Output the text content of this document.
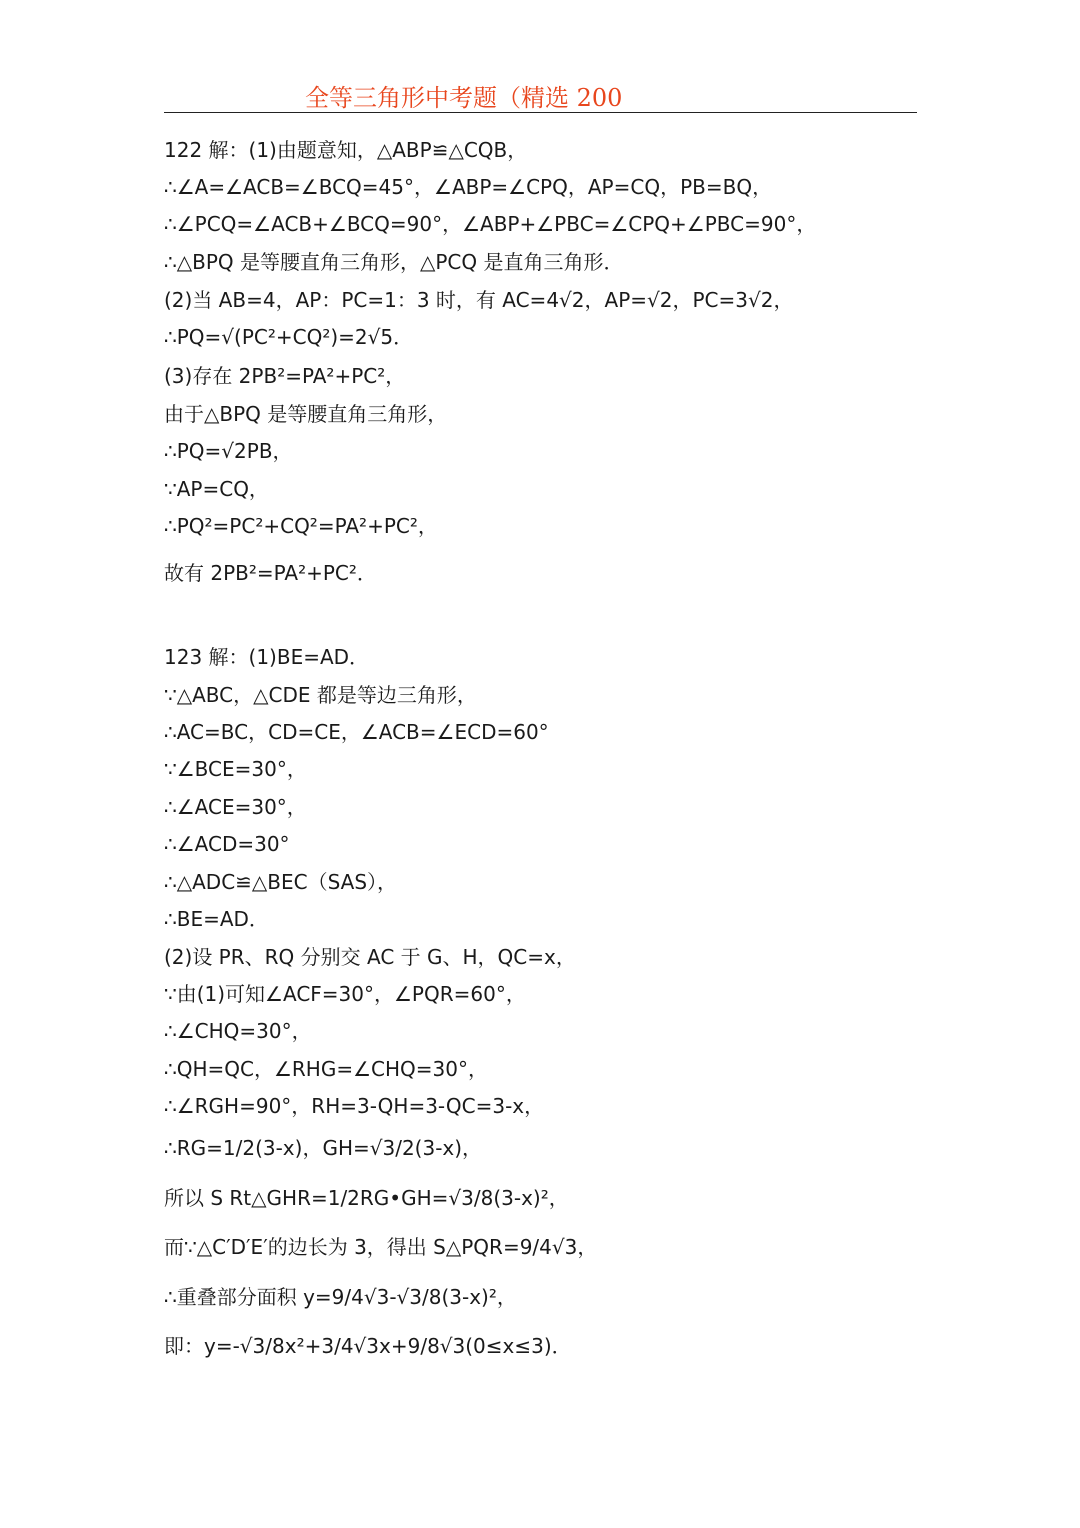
全等三角形中考题（精选 200
122 解：(1)由题意知，△ABP≌△CQB，
∴∠A=∠ACB=∠BCQ=45°，∠ABP=∠CPQ，AP=CQ，PB=BQ，
∴∠PCQ=∠ACB+∠BCQ=90°，∠ABP+∠PBC=∠CPQ+∠PBC=90°，
∴△BPQ 是等腰直角三角形，△PCQ 是直角三角形．
(2)当 AB=4，AP：PC=1：3 时，有 AC=4√2，AP=√2，PC=3√2，
∴PQ=√(PC²+CQ²)=2√5．
(3)存在 2PB²=PA²+PC²，
由于△BPQ 是等腰直角三角形，
∴PQ=√2PB，
∵AP=CQ，
∴PQ²=PC²+CQ²=PA²+PC²，
故有 2PB²=PA²+PC²．
123 解：(1)BE=AD．
∵△ABC，△CDE 都是等边三角形，
∴AC=BC，CD=CE，∠ACB=∠ECD=60°
∵∠BCE=30°，
∴∠ACE=30°，
∴∠ACD=30°
∴△ADC≌△BEC（SAS），
∴BE=AD．
(2)设 PR、RQ 分别交 AC 于 G、H，QC=x，
∵由(1)可知∠ACF=30°，∠PQR=60°，
∴∠CHQ=30°，
∴QH=QC，∠RHG=∠CHQ=30°，
∴∠RGH=90°，RH=3-QH=3-QC=3-x，
∴RG=1/2(3-x)，GH=√3/2(3-x)，
所以 S Rt△GHR=1/2RG•GH=√3/8(3-x)²，
而∵△C′D′E′的边长为 3，得出 S△PQR=9/4√3，
∴重叠部分面积 y=9/4√3-√3/8(3-x)²，
即：y=-√3/8x²+3/4√3x+9/8√3(0≤x≤3)．
